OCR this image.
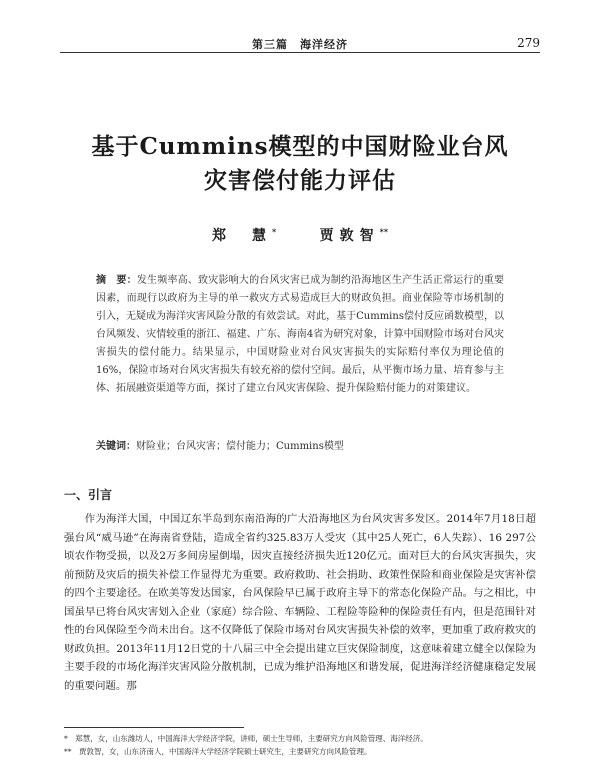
第三篇　海洋经济	279
基于Cummins模型的中国财险业台风
灾害偿付能力评估
郑　慧*	贾敦智**
摘　要：发生频率高、致灾影响大的台风灾害已成为制约沿海地区生产生活正常运行的重要因素，而现行以政府为主导的单一救灾方式易造成巨大的财政负担。商业保险等市场机制的引入，无疑成为海洋灾害风险分散的有效尝试。对此，基于Cummins偿付反应函数模型，以台风频发、灾情较重的浙江、福建、广东、海南4省为研究对象，计算中国财险市场对台风灾害损失的偿付能力。结果显示，中国财险业对台风灾害损失的实际赔付率仅为理论值的16%，保险市场对台风灾害损失有较充裕的偿付空间。最后，从平衡市场力量、培育参与主体、拓展融资渠道等方面，探讨了建立台风灾害保险、提升保险赔付能力的对策建议。
关键词：财险业；台风灾害；偿付能力；Cummins模型
一、引言
作为海洋大国，中国辽东半岛到东南沿海的广大沿海地区为台风灾害多发区。2014年7月18日超强台风“威马逊”在海南省登陆，造成全省约325.83万人受灾（其中25人死亡，6人失踪）、16 297公顷农作物受损，以及2万多间房屋倒塌，因灾直接经济损失近120亿元。面对巨大的台风灾害损失，灾前预防及灾后的损失补偿工作显得尤为重要。政府救助、社会捐助、政策性保险和商业保险是灾害补偿的四个主要途径。在欧美等发达国家，台风保险早已属于政府主导下的常态化保险产品。与之相比，中国虽早已将台风灾害划入企业（家庭）综合险、车辆险、工程险等险种的保险责任有内，但是范围针对性的台风保险至今尚未出台。这不仅降低了保险市场对台风灾害损失补偿的效率，更加重了政府救灾的财政负担。2013年11月12日党的十八届三中全会提出建立巨灾保险制度，这意味着建立健全以保险为主要手段的市场化海洋灾害风险分散机制，已成为维护沿海地区和谐发展，促进海洋经济健康稳定发展的重要问题。那
*　郑慧，女，山东潍坊人，中国海洋大学经济学院，讲师，硕士生导师，主要研究方向风险管理、海洋经济。
**　贾敦智，女，山东济南人，中国海洋大学经济学院硕士研究生，主要研究方向风险管理。
